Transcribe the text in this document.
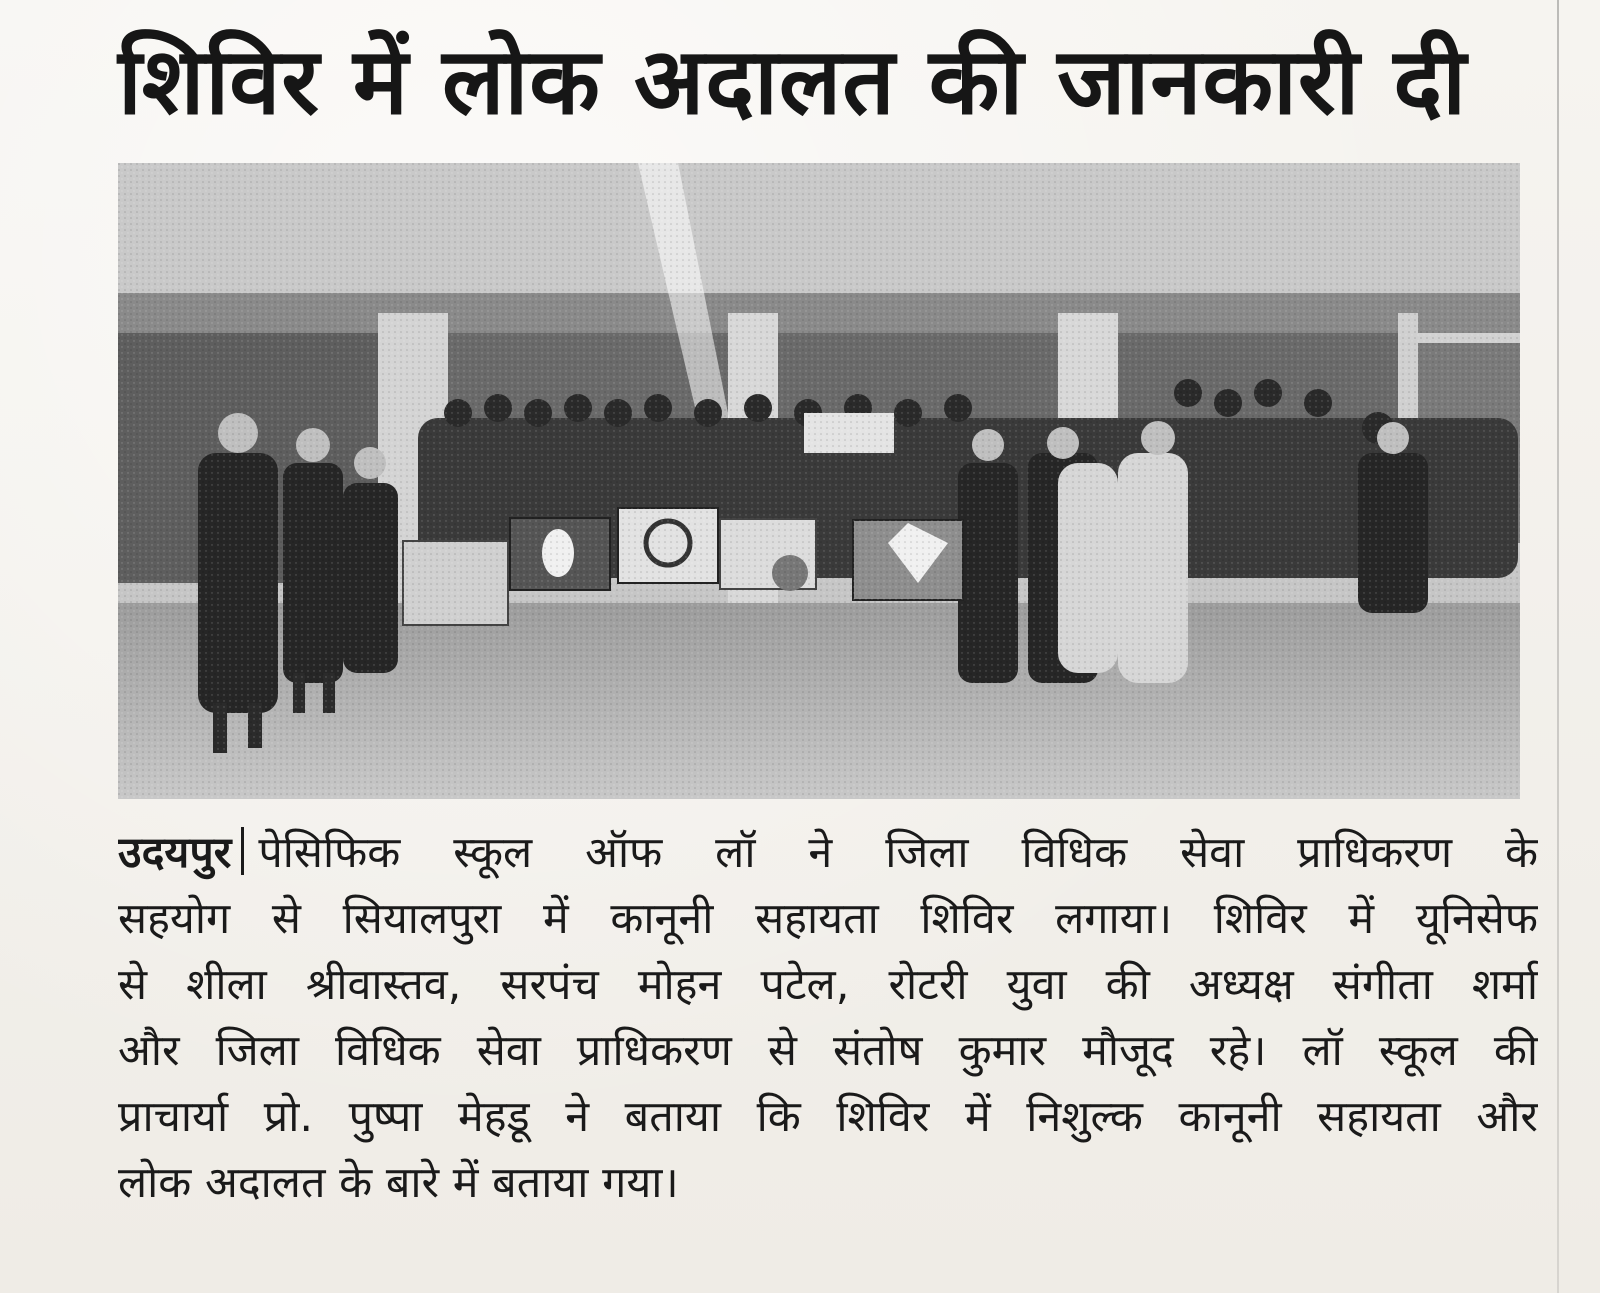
शिविर में लोक अदालत की जानकारी दी
उदयपुर पेसिफिक स्कूल ऑफ लॉ ने जिला विधिक सेवा प्राधिकरण के
सहयोग से सियालपुरा में कानूनी सहायता शिविर लगाया। शिविर में यूनिसेफ
से शीला श्रीवास्तव, सरपंच मोहन पटेल, रोटरी युवा की अध्यक्ष संगीता शर्मा
और जिला विधिक सेवा प्राधिकरण से संतोष कुमार मौजूद रहे। लॉ स्कूल की
प्राचार्या प्रो. पुष्पा मेहडू ने बताया कि शिविर में निशुल्क कानूनी सहायता और
लोक अदालत के बारे में बताया गया।
